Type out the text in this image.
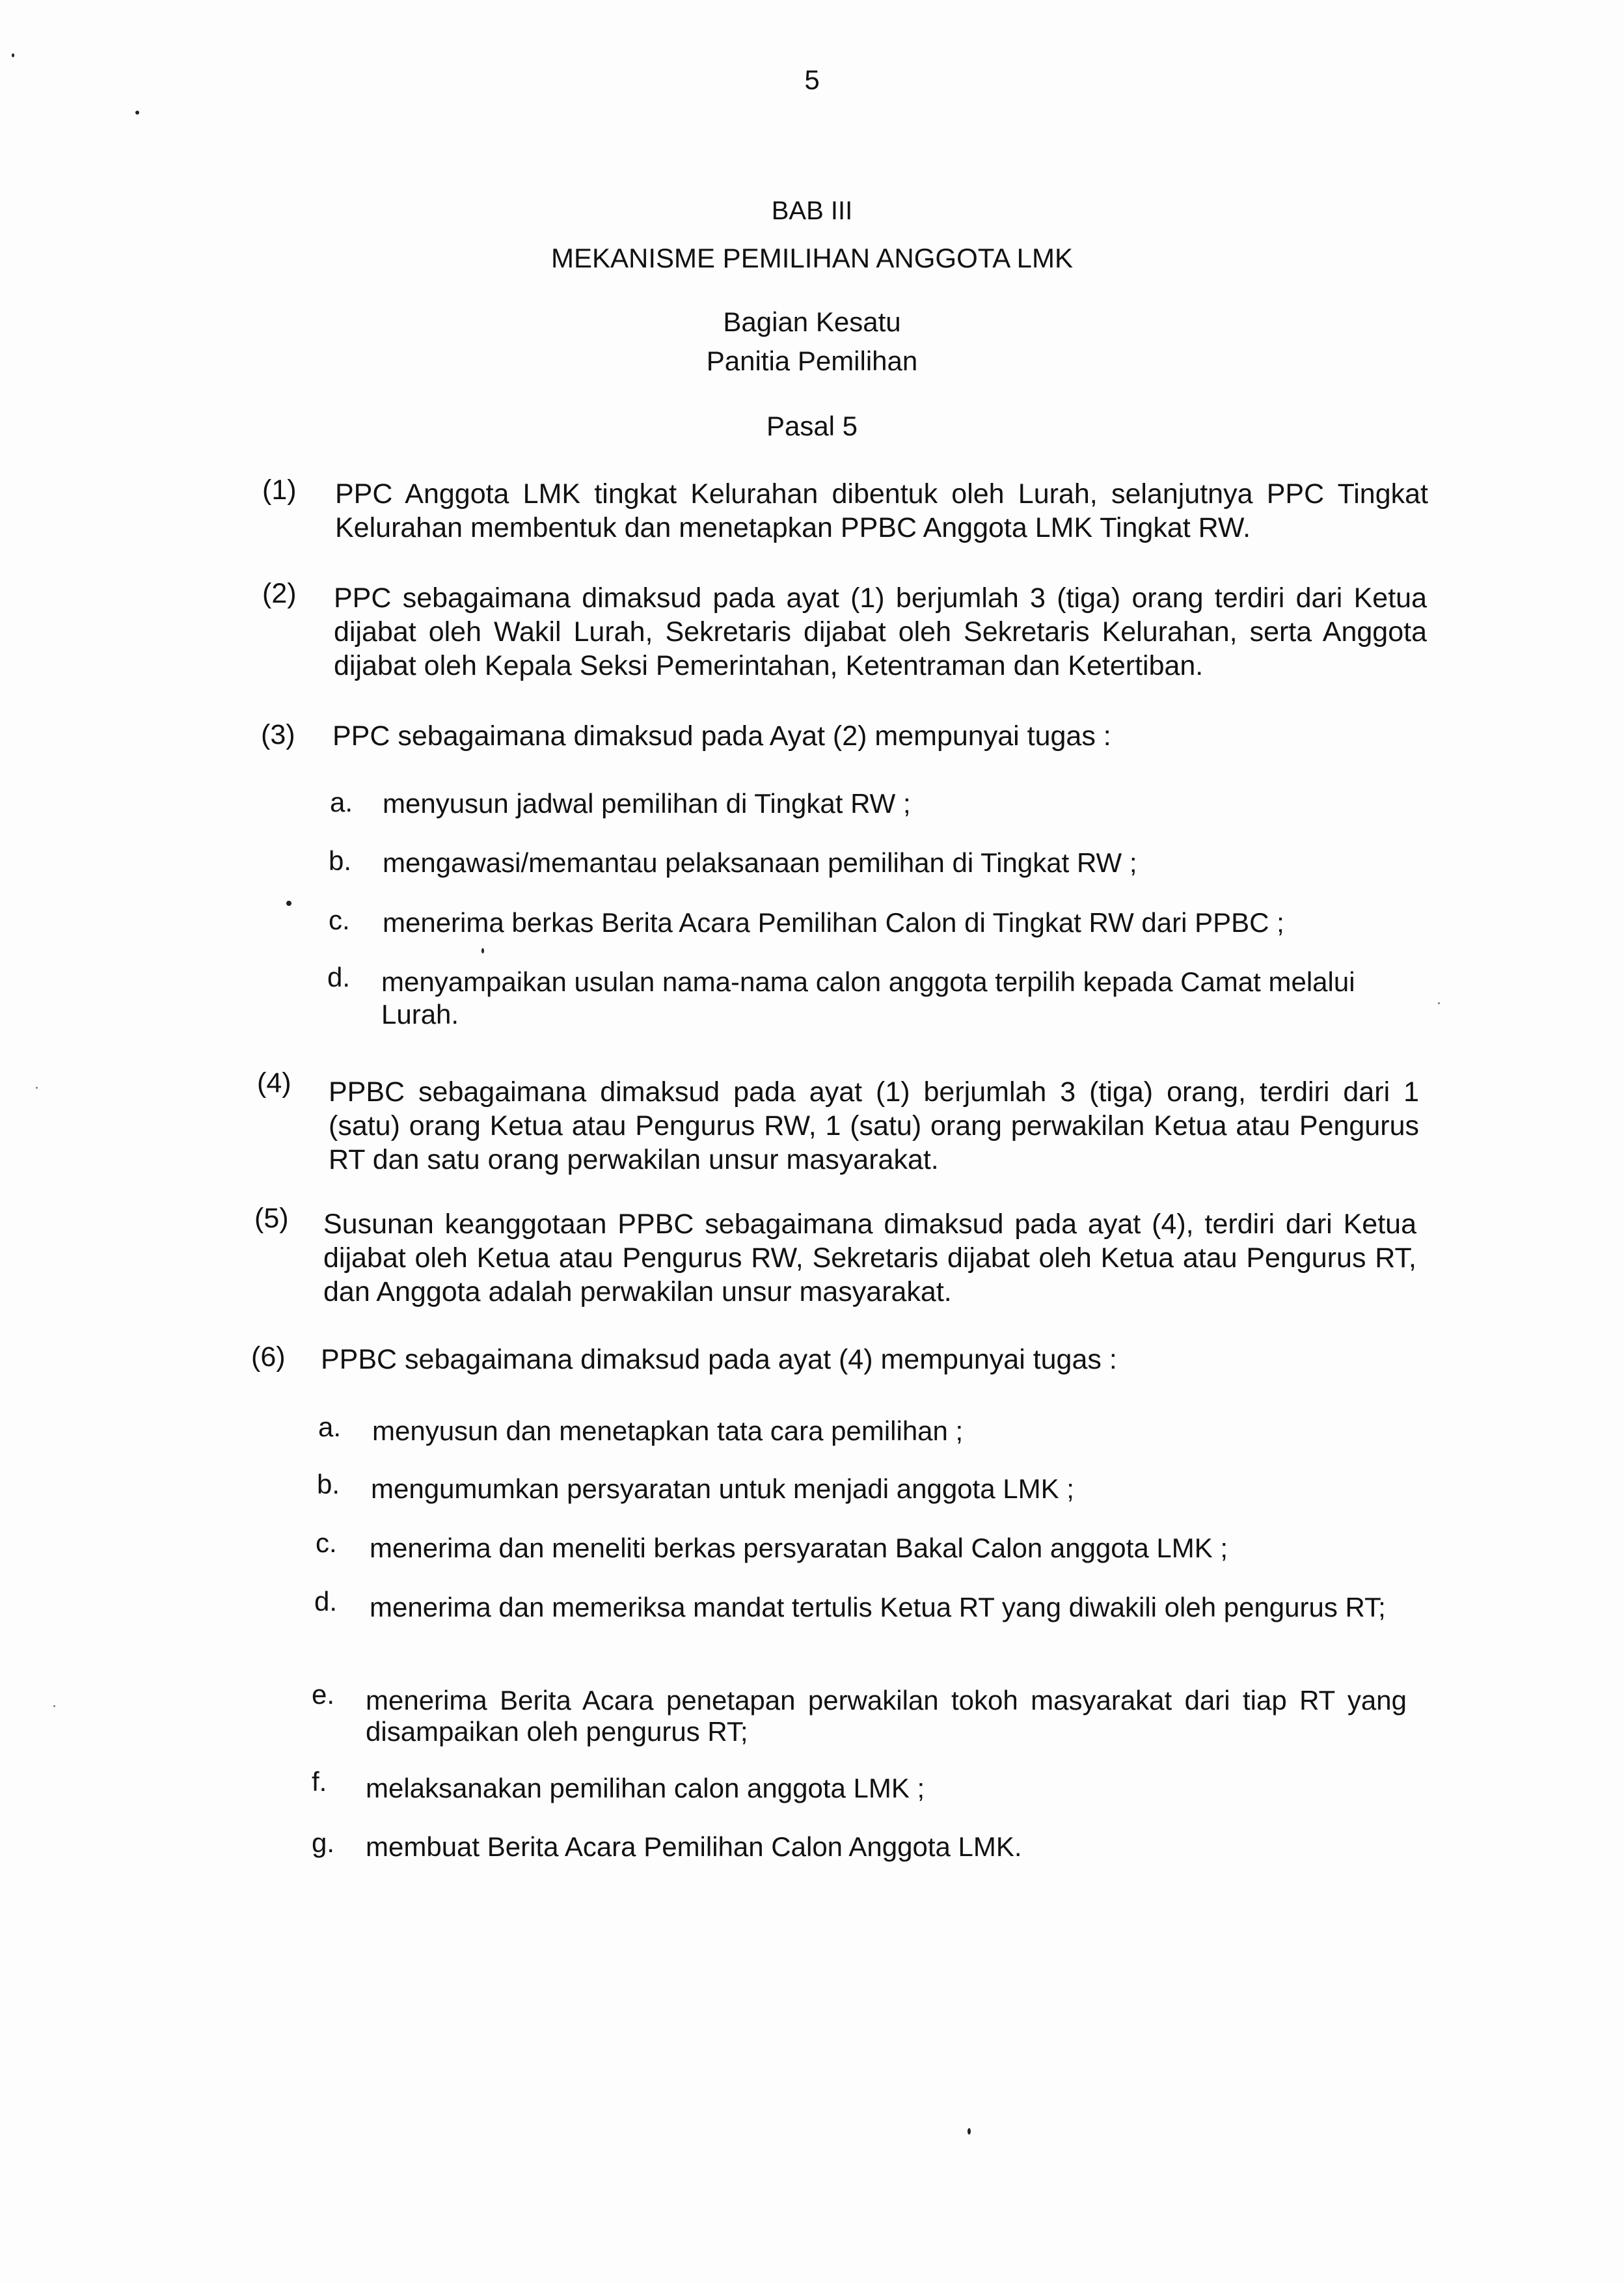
5
BAB III
MEKANISME PEMILIHAN ANGGOTA LMK
Bagian Kesatu
Panitia Pemilihan
Pasal 5
(1) PPC Anggota LMK tingkat Kelurahan dibentuk oleh Lurah, selanjutnya PPC Tingkat Kelurahan membentuk dan menetapkan PPBC Anggota LMK Tingkat RW.
(2) PPC sebagaimana dimaksud pada ayat (1) berjumlah 3 (tiga) orang terdiri dari Ketua dijabat oleh Wakil Lurah, Sekretaris dijabat oleh Sekretaris Kelurahan, serta Anggota dijabat oleh Kepala Seksi Pemerintahan, Ketentraman dan Ketertiban.
(3) PPC sebagaimana dimaksud pada Ayat (2) mempunyai tugas :
a. menyusun jadwal pemilihan di Tingkat RW ;
b. mengawasi/memantau pelaksanaan pemilihan di Tingkat RW ;
c. menerima berkas Berita Acara Pemilihan Calon di Tingkat RW dari PPBC ;
d. menyampaikan usulan nama-nama calon anggota terpilih kepada Camat melalui Lurah.
(4) PPBC sebagaimana dimaksud pada ayat (1) berjumlah 3 (tiga) orang, terdiri dari 1 (satu) orang Ketua atau Pengurus RW, 1 (satu) orang perwakilan Ketua atau Pengurus RT dan satu orang perwakilan unsur masyarakat.
(5) Susunan keanggotaan PPBC sebagaimana dimaksud pada ayat (4), terdiri dari Ketua dijabat oleh Ketua atau Pengurus RW, Sekretaris dijabat oleh Ketua atau Pengurus RT, dan Anggota adalah perwakilan unsur masyarakat.
(6) PPBC sebagaimana dimaksud pada ayat (4) mempunyai tugas :
a. menyusun dan menetapkan tata cara pemilihan ;
b. mengumumkan persyaratan untuk menjadi anggota LMK ;
c. menerima dan meneliti berkas persyaratan Bakal Calon anggota LMK ;
d. menerima dan memeriksa mandat tertulis Ketua RT yang diwakili oleh pengurus RT;
e. menerima Berita Acara penetapan perwakilan tokoh masyarakat dari tiap RT yang disampaikan oleh pengurus RT;
f. melaksanakan pemilihan calon anggota LMK ;
g. membuat Berita Acara Pemilihan Calon Anggota LMK.
